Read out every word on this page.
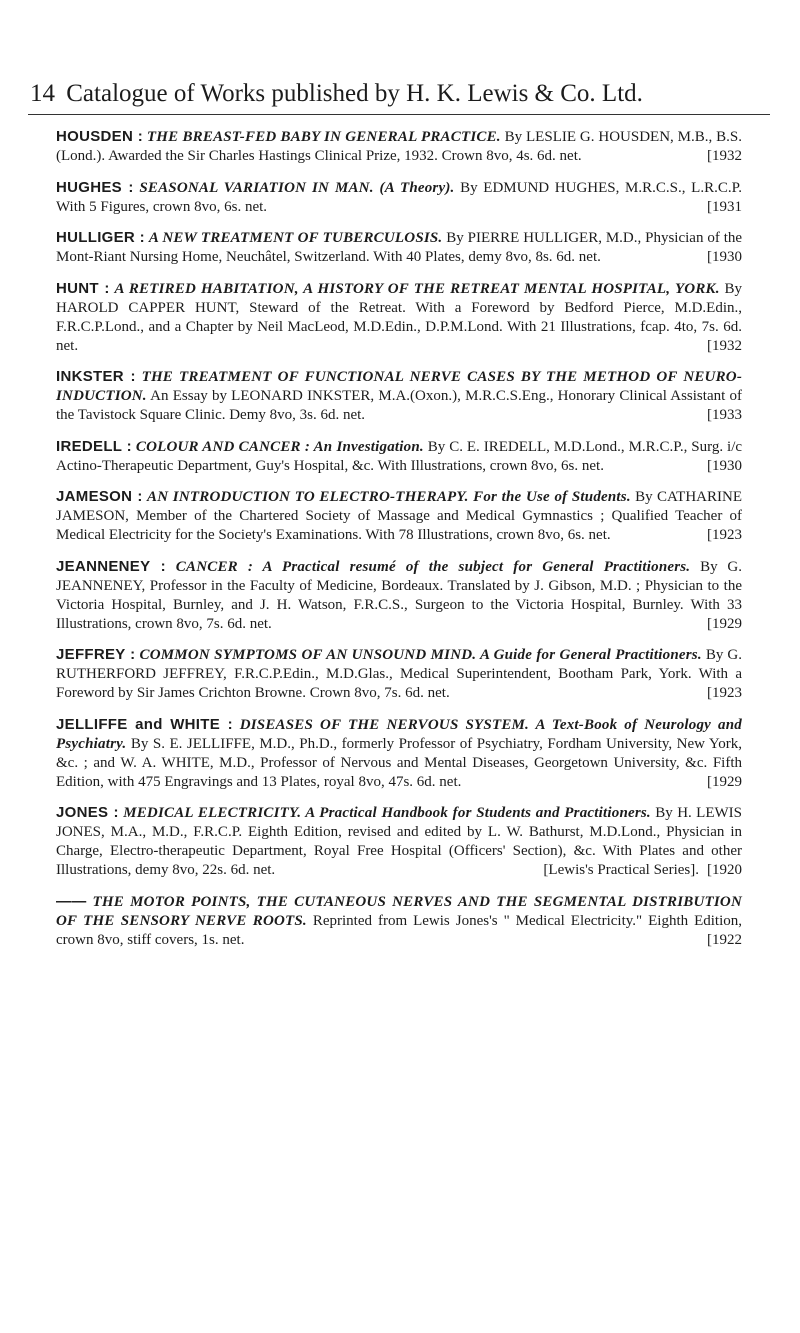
14 Catalogue of Works published by H. K. Lewis & Co. Ltd.

HOUSDEN : THE BREAST-FED BABY IN GENERAL PRACTICE. By LESLIE G. HOUSDEN, M.B., B.S.(Lond.). Awarded the Sir Charles Hastings Clinical Prize, 1932. Crown 8vo, 4s. 6d. net.	[1932

HUGHES : SEASONAL VARIATION IN MAN. (A Theory). By EDMUND HUGHES, M.R.C.S., L.R.C.P. With 5 Figures, crown 8vo, 6s. net.	[1931

HULLIGER : A NEW TREATMENT OF TUBERCULOSIS. By PIERRE HULLIGER, M.D., Physician of the Mont-Riant Nursing Home, Neuchâtel, Switzerland. With 40 Plates, demy 8vo, 8s. 6d. net.	[1930

HUNT : A RETIRED HABITATION, A HISTORY OF THE RETREAT MENTAL HOSPITAL, YORK. By HAROLD CAPPER HUNT, Steward of the Retreat. With a Foreword by Bedford Pierce, M.D.Edin., F.R.C.P.Lond., and a Chapter by Neil MacLeod, M.D.Edin., D.P.M.Lond. With 21 Illustrations, fcap. 4to, 7s. 6d. net.	[1932

INKSTER : THE TREATMENT OF FUNCTIONAL NERVE CASES BY THE METHOD OF NEURO-INDUCTION. An Essay by LEONARD INKSTER, M.A.(Oxon.), M.R.C.S.Eng., Honorary Clinical Assistant of the Tavistock Square Clinic. Demy 8vo, 3s. 6d. net.	[1933

IREDELL : COLOUR AND CANCER : An Investigation. By C. E. IREDELL, M.D.Lond., M.R.C.P., Surg. i/c Actino-Therapeutic Department, Guy's Hospital, &c. With Illustrations, crown 8vo, 6s. net.	[1930

JAMESON : AN INTRODUCTION TO ELECTRO-THERAPY. For the Use of Students. By CATHARINE JAMESON, Member of the Chartered Society of Massage and Medical Gymnastics ; Qualified Teacher of Medical Electricity for the Society's Examinations. With 78 Illustrations, crown 8vo, 6s. net.	[1923

JEANNENEY : CANCER : A Practical resumé of the subject for General Practitioners. By G. JEANNENEY, Professor in the Faculty of Medicine, Bordeaux. Translated by J. Gibson, M.D. ; Physician to the Victoria Hospital, Burnley, and J. H. Watson, F.R.C.S., Surgeon to the Victoria Hospital, Burnley. With 33 Illustrations, crown 8vo, 7s. 6d. net.	[1929

JEFFREY : COMMON SYMPTOMS OF AN UNSOUND MIND. A Guide for General Practitioners. By G. RUTHERFORD JEFFREY, F.R.C.P.Edin., M.D.Glas., Medical Superintendent, Bootham Park, York. With a Foreword by Sir James Crichton Browne. Crown 8vo, 7s. 6d. net.	[1923

JELLIFFE and WHITE : DISEASES OF THE NERVOUS SYSTEM. A Text-Book of Neurology and Psychiatry. By S. E. JELLIFFE, M.D., Ph.D., formerly Professor of Psychiatry, Fordham University, New York, &c. ; and W. A. WHITE, M.D., Professor of Nervous and Mental Diseases, Georgetown University, &c. Fifth Edition, with 475 Engravings and 13 Plates, royal 8vo, 47s. 6d. net.	[1929

JONES : MEDICAL ELECTRICITY. A Practical Handbook for Students and Practitioners. By H. LEWIS JONES, M.A., M.D., F.R.C.P. Eighth Edition, revised and edited by L. W. Bathurst, M.D.Lond., Physician in Charge, Electro-therapeutic Department, Royal Free Hospital (Officers' Section), &c. With Plates and other Illustrations, demy 8vo, 22s. 6d. net.	[1920
[Lewis's Practical Series].

—— THE MOTOR POINTS, THE CUTANEOUS NERVES AND THE SEGMENTAL DISTRIBUTION OF THE SENSORY NERVE ROOTS. Reprinted from Lewis Jones's " Medical Electricity." Eighth Edition, crown 8vo, stiff covers, 1s. net.	[1922
